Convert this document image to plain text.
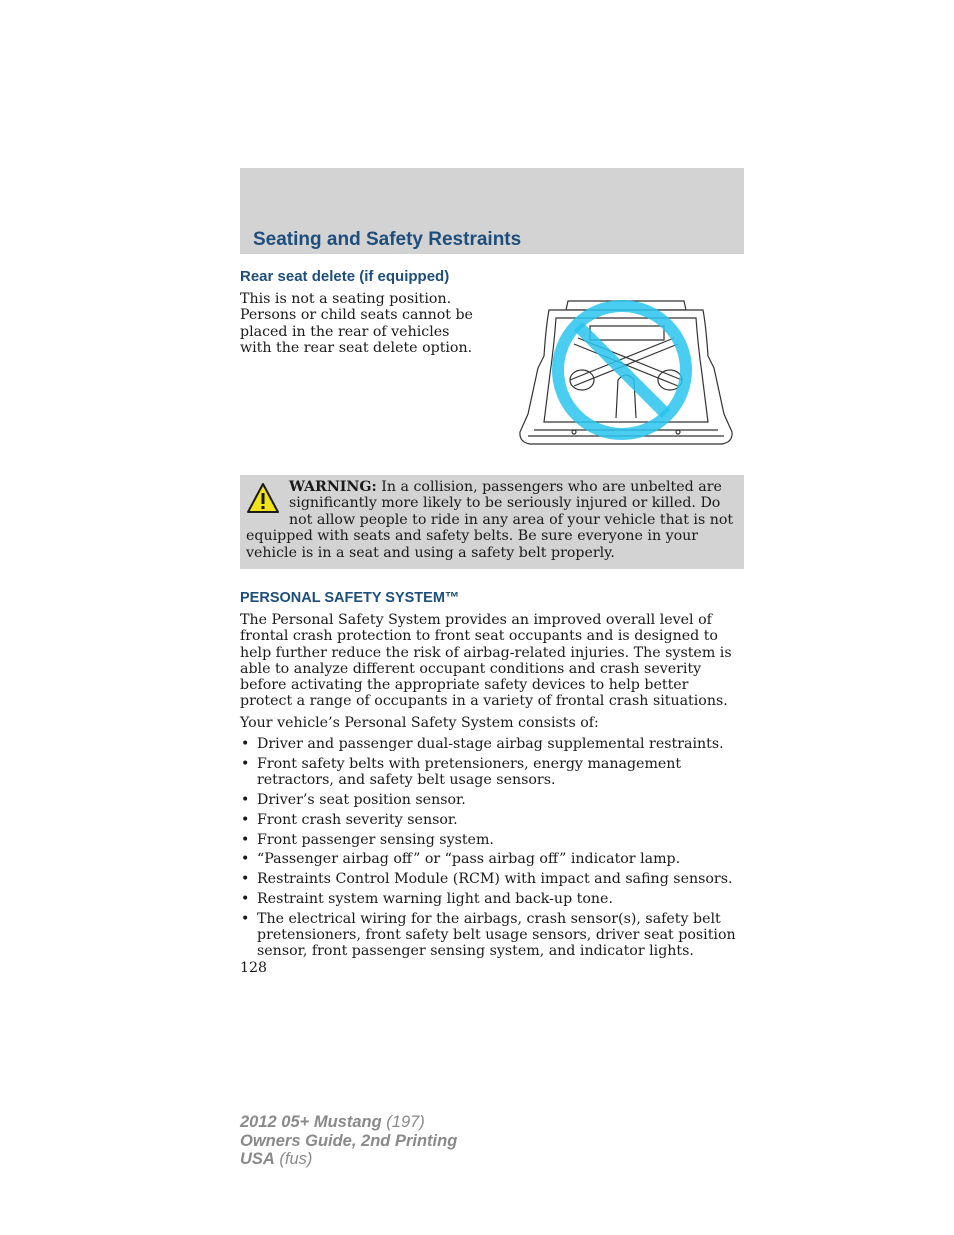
Seating and Safety Restraints
Rear seat delete (if equipped)
This is not a seating position. Persons or child seats cannot be placed in the rear of vehicles with the rear seat delete option.
WARNING: In a collision, passengers who are unbelted are significantly more likely to be seriously injured or killed. Do not allow people to ride in any area of your vehicle that is not equipped with seats and safety belts. Be sure everyone in your vehicle is in a seat and using a safety belt properly.
PERSONAL SAFETY SYSTEM™

The Personal Safety System provides an improved overall level of frontal crash protection to front seat occupants and is designed to help further reduce the risk of airbag-related injuries. The system is able to analyze different occupant conditions and crash severity before activating the appropriate safety devices to help better protect a range of occupants in a variety of frontal crash situations.

Your vehicle’s Personal Safety System consists of:

• Driver and passenger dual-stage airbag supplemental restraints.
• Front safety belts with pretensioners, energy management retractors, and safety belt usage sensors.
• Driver’s seat position sensor.
• Front crash severity sensor.
• Front passenger sensing system.
• “Passenger airbag off” or “pass airbag off” indicator lamp.
• Restraints Control Module (RCM) with impact and safing sensors.
• Restraint system warning light and back-up tone.
• The electrical wiring for the airbags, crash sensor(s), safety belt pretensioners, front safety belt usage sensors, driver seat position sensor, front passenger sensing system, and indicator lights.
128
2012 05+ Mustang (197)
Owners Guide, 2nd Printing
USA (fus)
